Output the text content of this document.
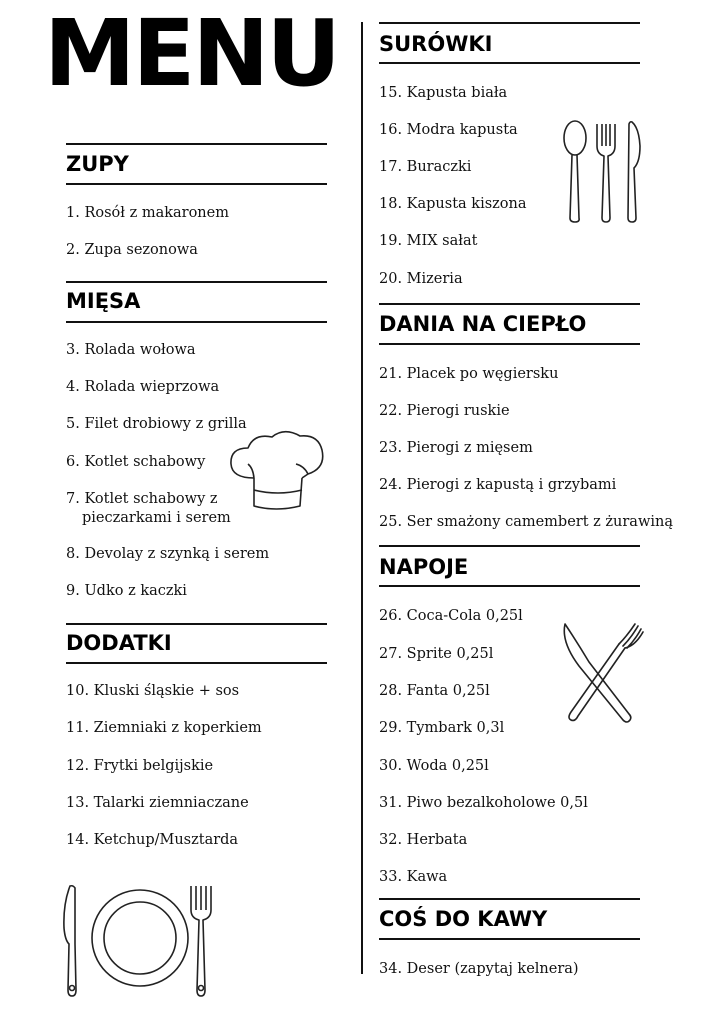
MENU
ZUPY

1. Rosół z makaronem

2. Zupa sezonowa

MIĘSA

3. Rolada wołowa

4. Rolada wieprzowa

5. Filet drobiowy z grilla

6. Kotlet schabowy

7. Kotlet schabowy z

pieczarkami i serem

8. Devolay z szynką i serem

9. Udko z kaczki

DODATKI

10. Kluski śląskie + sos

11. Ziemniaki z koperkiem

12. Frytki belgijskie

13. Talarki ziemniaczane

14. Ketchup/Musztarda

SURÓWKI

15. Kapusta biała

16. Modra kapusta

17. Buraczki

18. Kapusta kiszona

19. MIX sałat

20. Mizeria

DANIA NA CIEPŁO

21. Placek po węgiersku

22. Pierogi ruskie

23. Pierogi z mięsem

24. Pierogi z kapustą i grzybami

25. Ser smażony camembert z żurawiną

NAPOJE

26. Coca-Cola 0,25l

27. Sprite 0,25l

28. Fanta 0,25l

29. Tymbark 0,3l

30. Woda 0,25l

31. Piwo bezalkoholowe 0,5l

32. Herbata

33. Kawa

COŚ DO KAWY

34. Deser (zapytaj kelnera)
